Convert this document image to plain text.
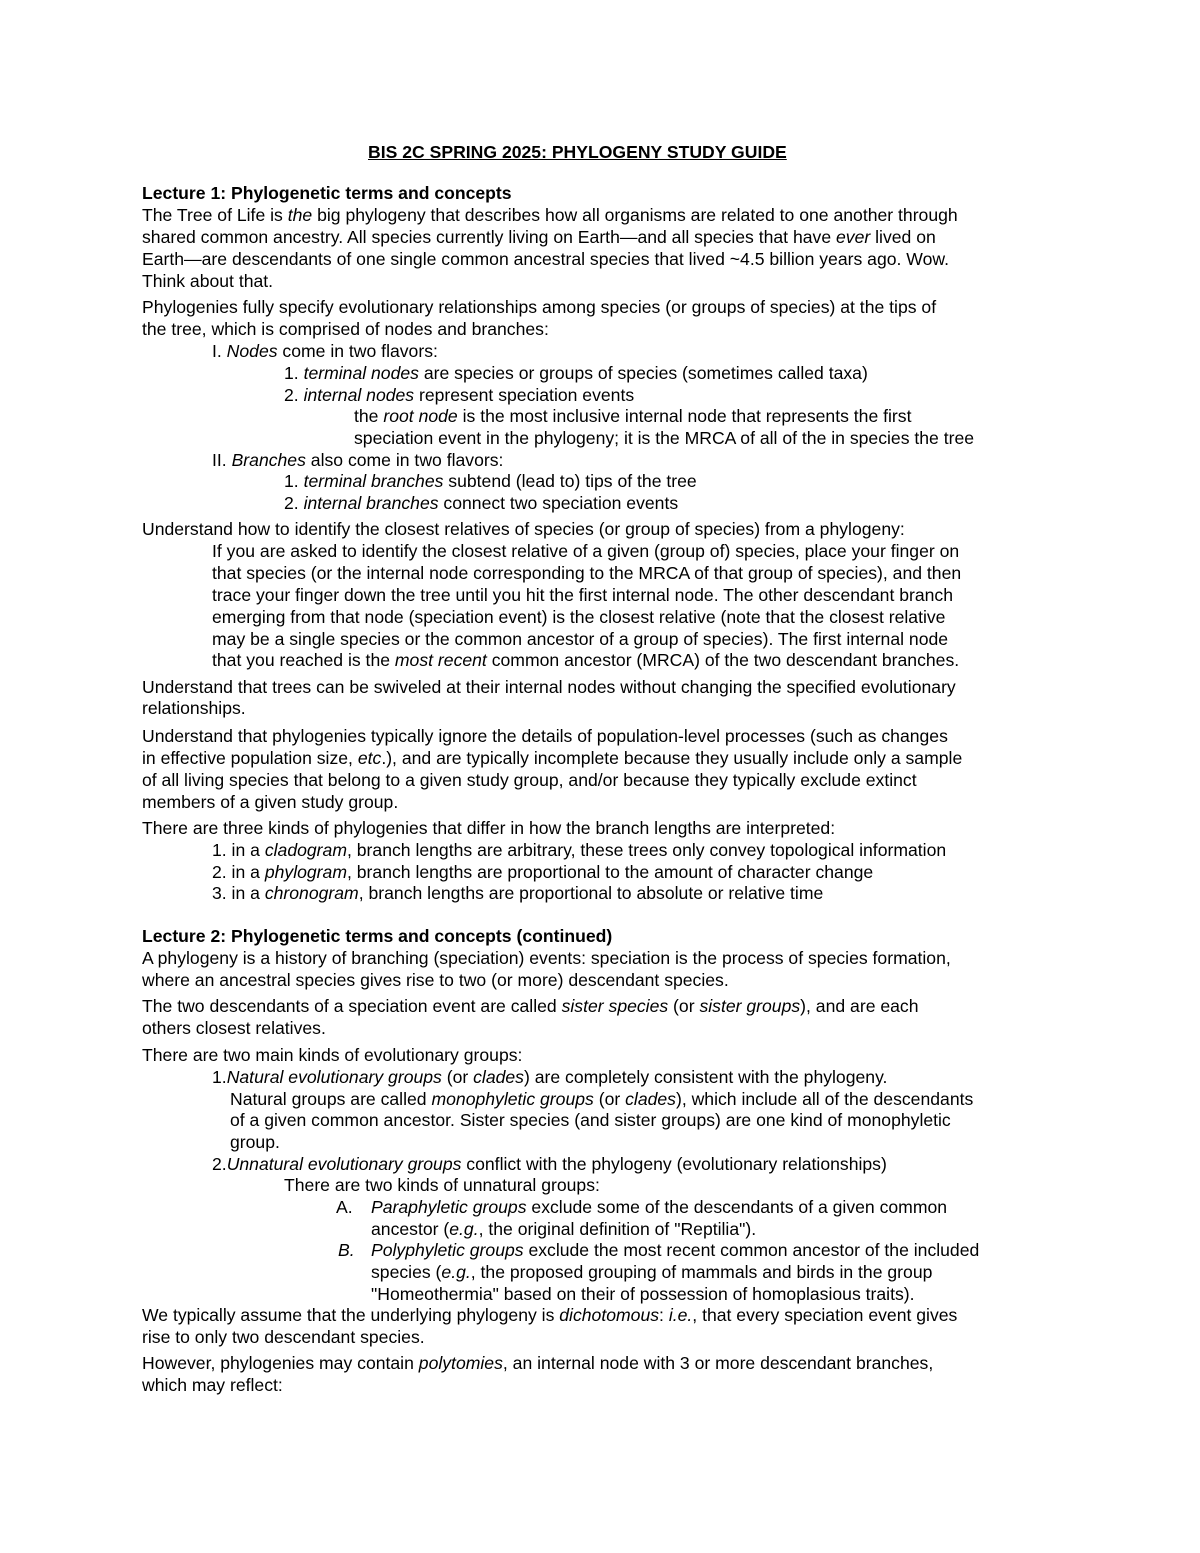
BIS 2C SPRING 2025: PHYLOGENY STUDY GUIDE
Lecture 1: Phylogenetic terms and concepts
The Tree of Life is the big phylogeny that describes how all organisms are related to one another through
shared common ancestry. All species currently living on Earth—and all species that have ever lived on
Earth—are descendants of one single common ancestral species that lived ~4.5 billion years ago. Wow.
Think about that.
Phylogenies fully specify evolutionary relationships among species (or groups of species) at the tips of
the tree, which is comprised of nodes and branches:
I. Nodes come in two flavors:
1. terminal nodes are species or groups of species (sometimes called taxa)
2. internal nodes represent speciation events
the root node is the most inclusive internal node that represents the first
speciation event in the phylogeny; it is the MRCA of all of the in species the tree
II. Branches also come in two flavors:
1. terminal branches subtend (lead to) tips of the tree
2. internal branches connect two speciation events
Understand how to identify the closest relatives of species (or group of species) from a phylogeny:
If you are asked to identify the closest relative of a given (group of) species, place your finger on
that species (or the internal node corresponding to the MRCA of that group of species), and then
trace your finger down the tree until you hit the first internal node. The other descendant branch
emerging from that node (speciation event) is the closest relative (note that the closest relative
may be a single species or the common ancestor of a group of species). The first internal node
that you reached is the most recent common ancestor (MRCA) of the two descendant branches.
Understand that trees can be swiveled at their internal nodes without changing the specified evolutionary
relationships.
Understand that phylogenies typically ignore the details of population-level processes (such as changes
in effective population size, etc.), and are typically incomplete because they usually include only a sample
of all living species that belong to a given study group, and/or because they typically exclude extinct
members of a given study group.
There are three kinds of phylogenies that differ in how the branch lengths are interpreted:
1. in a cladogram, branch lengths are arbitrary, these trees only convey topological information
2. in a phylogram, branch lengths are proportional to the amount of character change
3. in a chronogram, branch lengths are proportional to absolute or relative time
Lecture 2: Phylogenetic terms and concepts (continued)
A phylogeny is a history of branching (speciation) events: speciation is the process of species formation,
where an ancestral species gives rise to two (or more) descendant species.
The two descendants of a speciation event are called sister species (or sister groups), and are each
others closest relatives.
There are two main kinds of evolutionary groups:
1.Natural evolutionary groups (or clades) are completely consistent with the phylogeny.
Natural groups are called monophyletic groups (or clades), which include all of the descendants
of a given common ancestor. Sister species (and sister groups) are one kind of monophyletic
group.
2.Unnatural evolutionary groups conflict with the phylogeny (evolutionary relationships)
There are two kinds of unnatural groups:
A. Paraphyletic groups exclude some of the descendants of a given common
ancestor (e.g., the original definition of "Reptilia").
B. Polyphyletic groups exclude the most recent common ancestor of the included
species (e.g., the proposed grouping of mammals and birds in the group
"Homeothermia" based on their of possession of homoplasious traits).
We typically assume that the underlying phylogeny is dichotomous: i.e., that every speciation event gives
rise to only two descendant species.
However, phylogenies may contain polytomies, an internal node with 3 or more descendant branches,
which may reflect:
